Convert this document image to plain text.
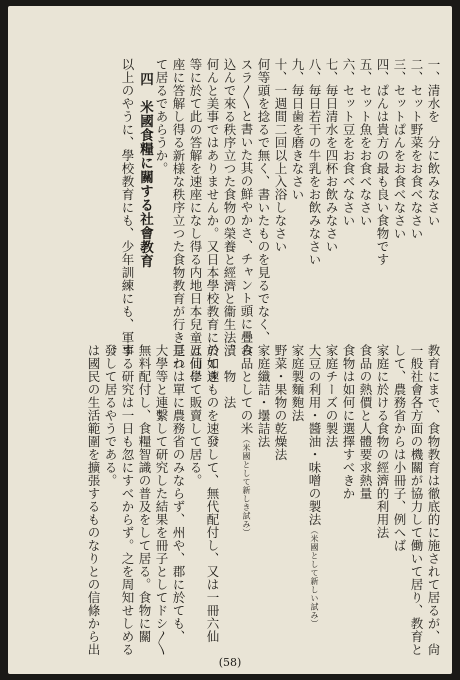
一、清水を　分に飲みなさい
二、セット野菜をお食べなさい
三、セットぱんをお食べなさい
四、ぱんは貴方の最も良い食物です
五、セット魚をお食べなさい
六、セット豆をお食べなさい
七、毎日清水を四杯お飲みなさい
八、毎日若干の牛乳をお飲みなさい
九、毎日歯を磨きなさい
十、一週間二回以上入浴しなさい
何等頭を捻るで無く、書いたものを見るでなく、
スラ〳〵と書いた其の鮮やかさ、チャント頭に疊み
込んで來る秩序立つた食物の榮養と經濟と衞生法、
何んと美事ではありませんか。又日本學校教育に於て速
等に於て此の答解を速座になし得る内地日本兒童は何學
座に答解し得る新様な秩序立つた食物教育が行き亘つ
て居るであらうか。
　四　米國食糧に關する社會教育
以上のやうに、學校教育にも、少年訓練にも、軍事
教育にまで、食物教育は徹底的に施されて居るが、尙
一般社會各方面の機關が協力して働いて居り、教育と
して、農務省からは小冊子、例へば
家庭に於ける食物の經濟的利用法
食品の熱價と人體要求熱量
食物は如何に選擇すべきか
家庭チーズの製法
大豆の利用・醬油・味噌の製法（米國として新しい試み）
家庭製麵麭法
野菜・果物の乾燥法
家庭纖詰・壜詰法
食品としての米（米國として新しき試み）
漬　物　法
の如きものを速發して、無代配付し、又は一冊六仙
五仙にて販賣して居る。
是れは單に農務省のみならず、州や、郡に於ても、
大學等と連繫して研究した結果を冊子としてドシ〳〵
無料配付し、食糧智識の普及をして居る。食物に關
する研究は一日も忽にすべからず。之を周知せしめる
發して居るやうである。
は國民の生活範圍を擴張するものなりとの信條から出
(58)
